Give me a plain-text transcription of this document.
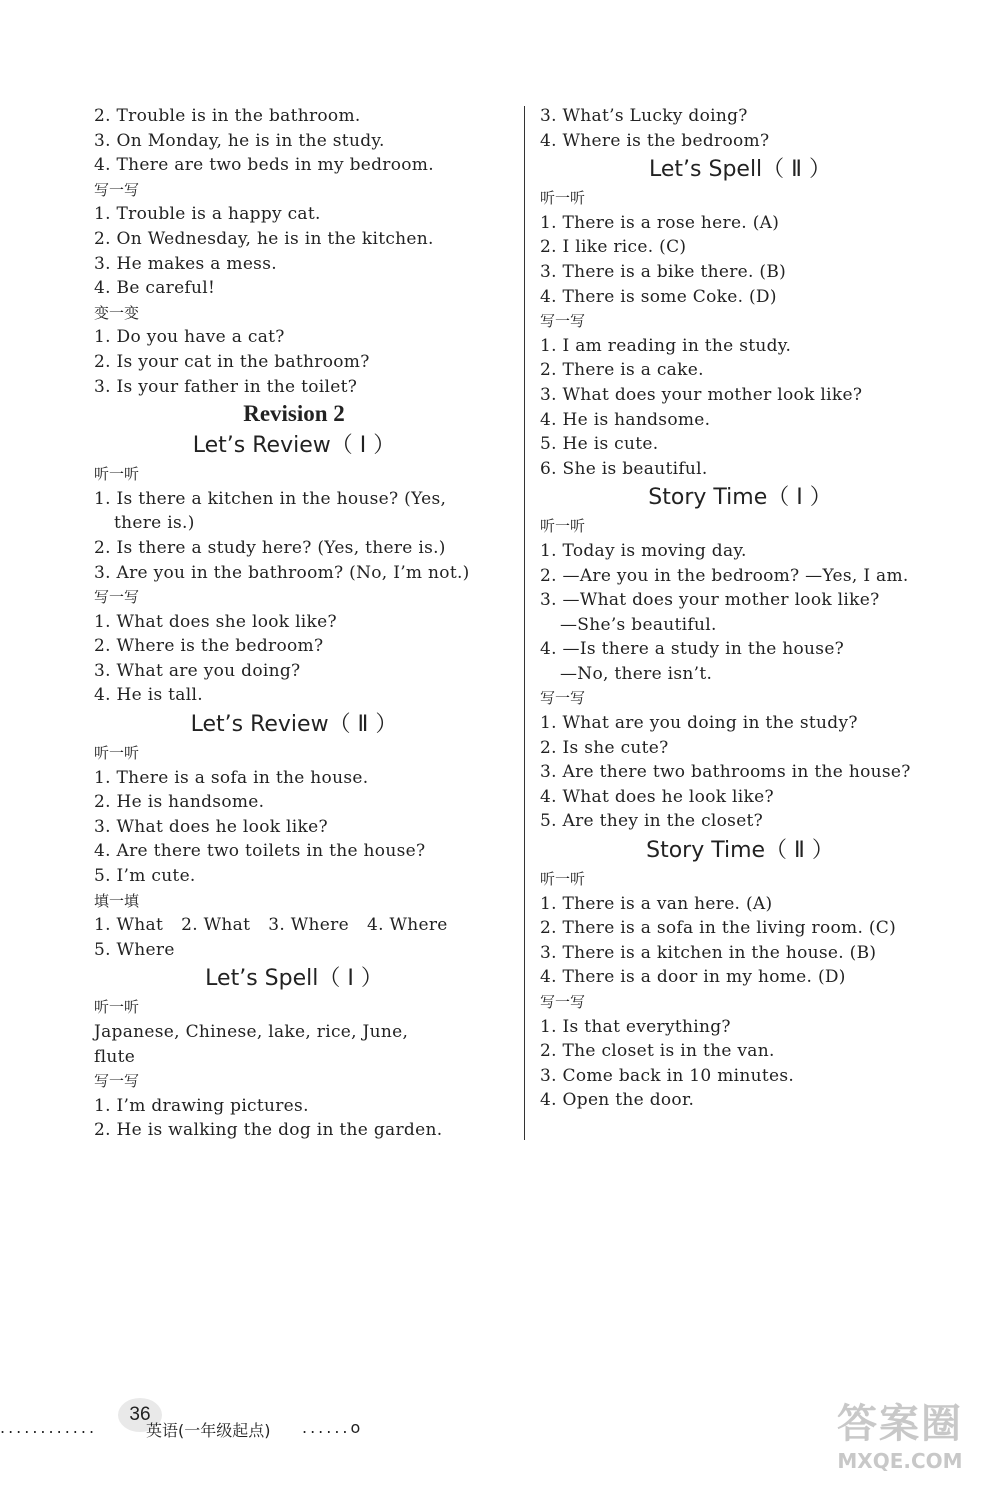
2. Trouble is in the bathroom.
3. On Monday, he is in the study.
4. There are two beds in my bedroom.
写一写
1. Trouble is a happy cat.
2. On Wednesday, he is in the kitchen.
3. He makes a mess.
4. Be careful!
变一变
1. Do you have a cat?
2. Is your cat in the bathroom?
3. Is your father in the toilet?
Revision 2
Let’s Review（ I ）
听一听
1. Is there a kitchen in the house? (Yes,
there is.)
2. Is there a study here? (Yes, there is.)
3. Are you in the bathroom? (No, I’m not.)
写一写
1. What does she look like?
2. Where is the bedroom?
3. What are you doing?
4. He is tall.
Let’s Review（ Ⅱ ）
听一听
1. There is a sofa in the house.
2. He is handsome.
3. What does he look like?
4. Are there two toilets in the house?
5. I’m cute.
填一填
1. What 2. What 3. Where 4. Where
5. Where
Let’s Spell（ I ）
听一听
Japanese, Chinese, lake, rice, June,
flute
写一写
1. I’m drawing pictures.
2. He is walking the dog in the garden.
3. What’s Lucky doing?
4. Where is the bedroom?
Let’s Spell（ Ⅱ ）
听一听
1. There is a rose here. (A)
2. I like rice. (C)
3. There is a bike there. (B)
4. There is some Coke. (D)
写一写
1. I am reading in the study.
2. There is a cake.
3. What does your mother look like?
4. He is handsome.
5. He is cute.
6. She is beautiful.
Story Time（ I ）
听一听
1. Today is moving day.
2. —Are you in the bedroom? —Yes, I am.
3. —What does your mother look like?
—She’s beautiful.
4. —Is there a study in the house?
—No, there isn’t.
写一写
1. What are you doing in the study?
2. Is she cute?
3. Are there two bathrooms in the house?
4. What does he look like?
5. Are they in the closet?
Story Time（ Ⅱ ）
听一听
1. There is a van here. (A)
2. There is a sofa in the living room. (C)
3. There is a kitchen in the house. (B)
4. There is a door in my home. (D)
写一写
1. Is that everything?
2. The closet is in the van.
3. Come back in 10 minutes.
4. Open the door.
............
36
英语(一年级起点) ......o	答案圈
MXQE.COM
